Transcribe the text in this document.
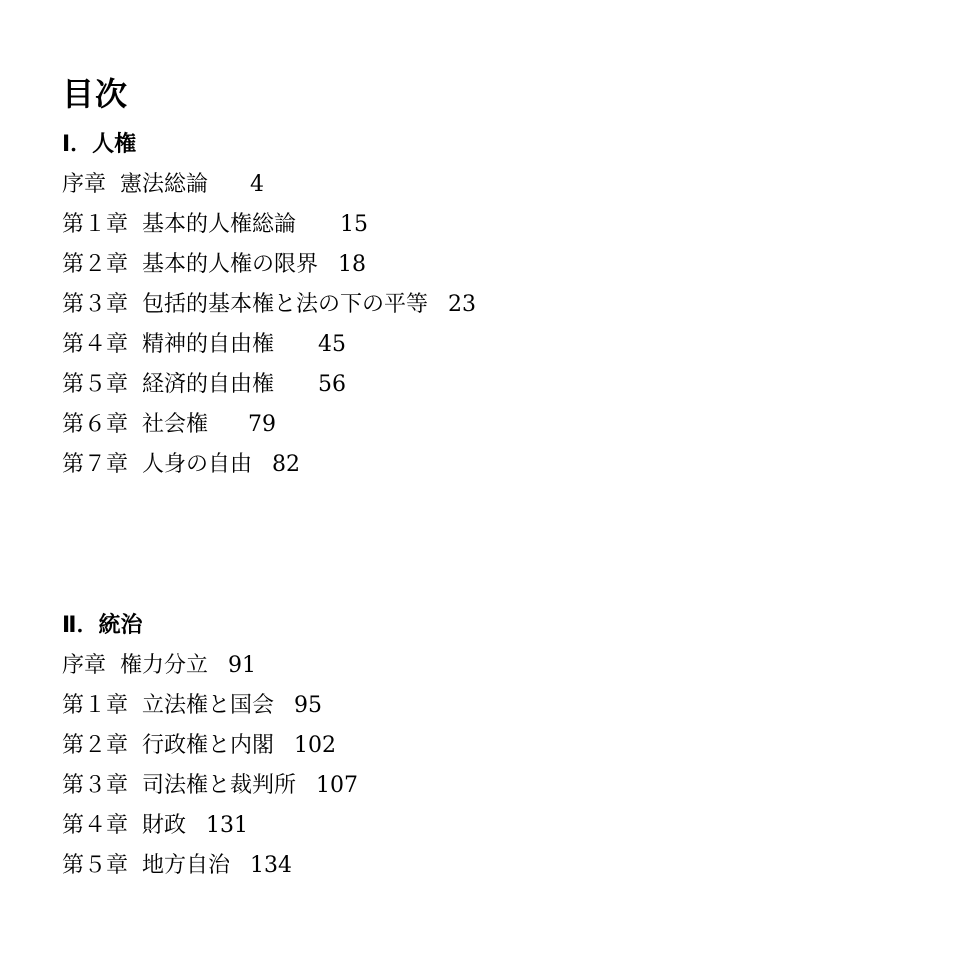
目次
Ⅰ．人権
序章 憲法総論 4
第１章 基本的人権総論 15
第２章 基本的人権の限界 18
第３章 包括的基本権と法の下の平等 23
第４章 精神的自由権 45
第５章 経済的自由権 56
第６章 社会権 79
第７章 人身の自由 82
Ⅱ．統治
序章 権力分立 91
第１章 立法権と国会 95
第２章 行政権と内閣 102
第３章 司法権と裁判所 107
第４章 財政 131
第５章 地方自治 134
